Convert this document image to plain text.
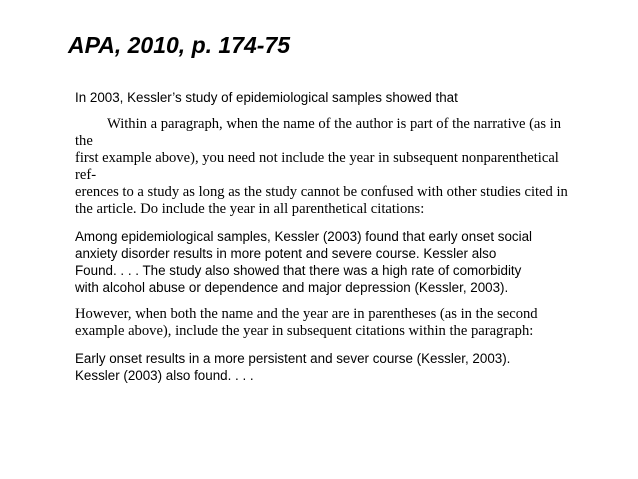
APA, 2010, p. 174-75
In 2003, Kessler’s study of epidemiological samples showed that
Within a paragraph, when the name of the author is part of the narrative (as in
the
first example above), you need not include the year in subsequent nonparenthetical
ref-
erences to a study as long as the study cannot be confused with other studies cited in
the article. Do include the year in all parenthetical citations:
Among epidemiological samples, Kessler (2003) found that early onset social
anxiety disorder results in more potent and severe course. Kessler also
Found. . . . The study also showed that there was a high rate of comorbidity
with alcohol abuse or dependence and major depression (Kessler, 2003).
However, when both the name and the year are in parentheses (as in the second
example above), include the year in subsequent citations within the paragraph:
Early onset results in a more persistent and sever course (Kessler, 2003).
Kessler (2003) also found. . . .
